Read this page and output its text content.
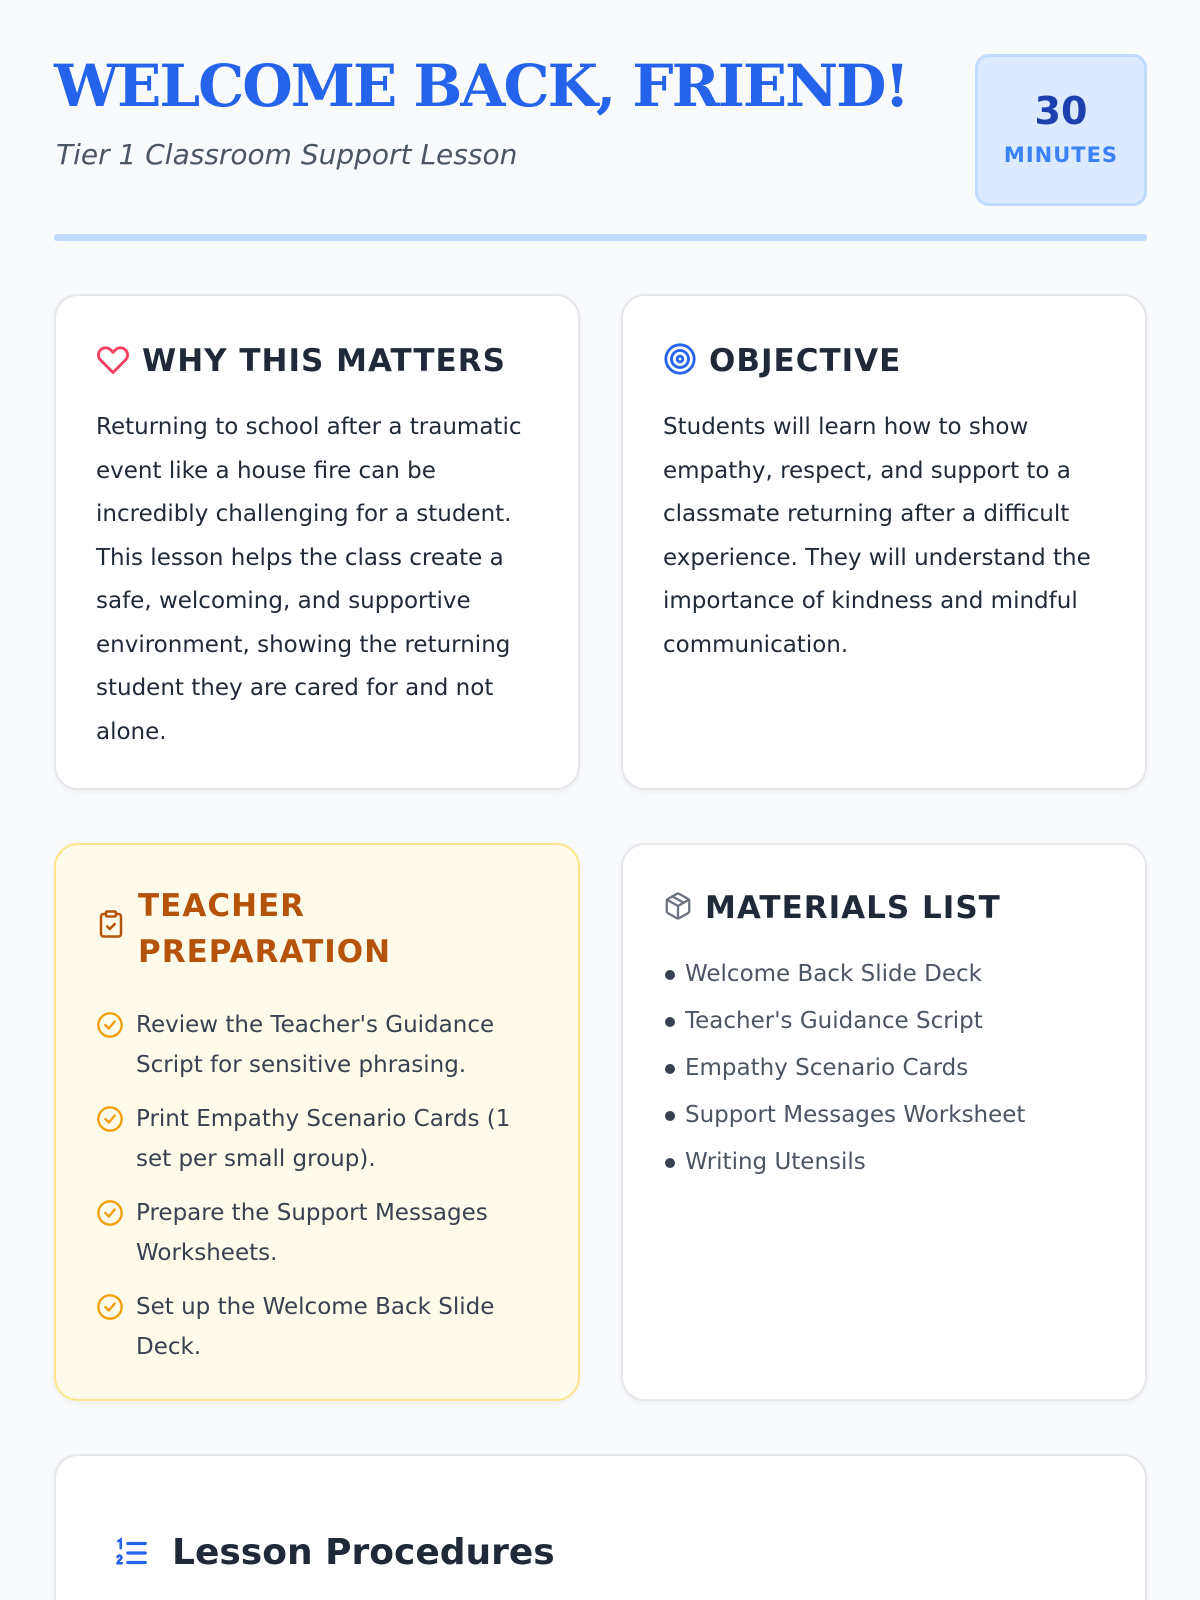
WELCOME BACK, FRIEND!
Tier 1 Classroom Support Lesson
30
MINUTES
WHY THIS MATTERS

Returning to school after a traumatic event like a house fire can be incredibly challenging for a student. This lesson helps the class create a safe, welcoming, and supportive environment, showing the returning student they are cared for and not alone.

OBJECTIVE

Students will learn how to show empathy, respect, and support to a classmate returning after a difficult experience. They will understand the importance of kindness and mindful communication.

TEACHER PREPARATION
Review the Teacher's Guidance Script for sensitive phrasing.
Print Empathy Scenario Cards (1 set per small group).
Prepare the Support Messages Worksheets.
Set up the Welcome Back Slide Deck.
MATERIALS LIST
Welcome Back Slide Deck
Teacher's Guidance Script
Empathy Scenario Cards
Support Messages Worksheet
Writing Utensils
Lesson Procedures
